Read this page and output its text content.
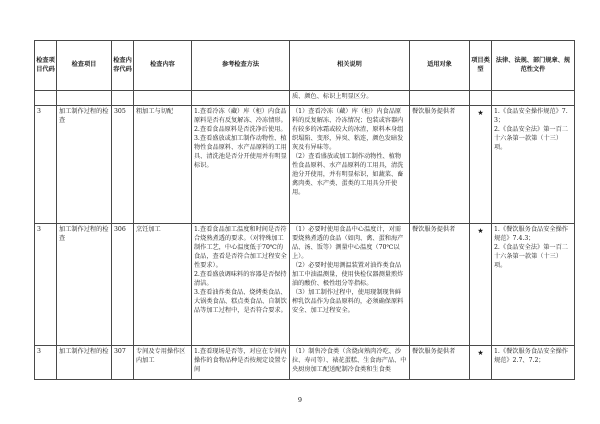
检查项目代码	检查项目	检查内容代码	检查内容	参考检查方法	相关说明	适用对象	项目类型	法律、法规、部门规章、规范性文件
					质、颜色、标识上明显区分。			
3	加工制作过程的检查	305	粗加工与切配	1.查看冷冻（藏）库（柜）内食品原料是否有反复解冻、冷冻情形。
2.查看食品原料是否洗净后使用。
3.查看盛放或加工制作动物性、植物性食品原料、水产品原料的工用具、清洗池是否分开使用并有明显标识。	（1）查看冷冻（藏）库（柜）内食品原料的反复解冻、冷冻情况；包装或容器内有较多的冰霜或较大的冰渣，原料本身组织塌陷、变形，异臭、粘连，颜色发暗发灰及有异味等。
（2）查看盛放或加工制作动物性、植物性食品原料、水产品原料的工用具，清洗池分开使用，并有明显标识，如蔬菜、畜禽肉类、水产类、蛋类的工用具分开使用。	餐饮服务提供者	★	1.《食品安全操作规范》7.3；
2.《食品安全法》第一百二十六条第一款第（十三）项。
3	加工制作过程的检查	306	烹饪加工	1.查看食品加工温度和时间是否符合烧熟煮透的要求。（对特殊加工制作工艺，中心温度低于70℃的食品，查看是否符合加工过程安全性要求）。
2.查看盛放调味料的容器是否保持清洁。
3.查看油炸类食品、烧烤类食品、大锅类食品、糕点类食品、自制饮品等加工过程中，是否符合要求。	（1）必要时使用食品中心温度计，对需要烧熟煮透的食品（如肉、禽、蛋和海产品、汤、饭等）测量中心温度（70℃以上）。
（2）必要时使用测温装置对油炸类食品加工中油温测量，使用快检仪器测量煎炸油的酸价、极性组分等指标。
（3）加工制作过程中，使用现制现售鲜榨乳饮品作为食品原料的，必须确保原料安全、加工过程安全。	餐饮服务提供者	★	1.《餐饮服务食品安全操作规范》7.4.3；
2.《食品安全法》第一百二十六条第一款第（十三）项。
3	加工制作过程的检	307	专间及专用操作区内加工	1.查看现场是否等，对应在专间内操作的食物品种是否按规定设置专间	（1）制售冷食类（含烧卤熟肉冷吃、沙拉、寿司等）、裱花蛋糕、生食海产品、中央厨房加工配送配制冷食类和生食类	餐饮服务提供者	★	1.《餐饮服务食品安全操作规范》2.7、7.2；
9
